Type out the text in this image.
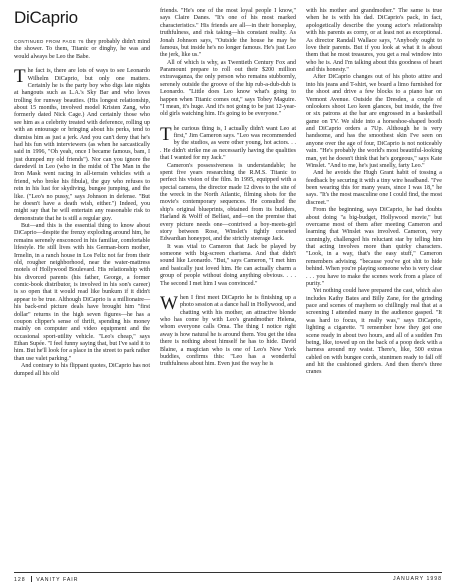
DiCaprio

CONTINUED FROM PAGE 76 they probably didn't mind the shower. To them, Titanic or dinghy, he was and would always be Leo the Babe.

The fact is, there are lots of ways to see Leonardo Wilhelm DiCaprio, but only one matters. Certainly he is the party boy who digs late nights at hangouts such as L.A.'s Sky Bar and who loves trolling for runway beauties. (His longest relationship, about 15 months, involved model Kristen Zang, who formerly dated Nick Cage.) And certainly those who see him as a celebrity treated with deference, rolling up with an entourage or bringing about his perks, tend to dismiss him as just a jerk. And you can't deny that he's had his fun with interviewers (as when he sarcastically said in 1996, "Oh yeah, once I became famous, bam, I just dumped my old friends"). Nor can you ignore the daredevil in Leo (who in the midst of The Man in the Iron Mask went racing in all-terrain vehicles with a friend, who broke his fibula), the guy who refuses to rein in his lust for skydiving, bungee jumping, and the like. ("Leo's no pussy," says Johnson in defense. "But he doesn't have a death wish, either.") Indeed, you might say that he will entertain any reasonable risk to demonstrate that he is still a regular guy.

But—and this is the essential thing to know about DiCaprio—despite the frenzy exploding around him, he remains serenely ensconced in his familiar, comfortable lifestyle. He still lives with his German-born mother, Irmelin, in a ranch house in Los Feliz not far from their old, rougher neighborhood, near the water-mattress motels of Hollywood Boulevard. His relationship with his divorced parents (his father, George, a former comic-book distributor, is involved in his son's career) is so open that it would read like bunkum if it didn't appear to be true. Although DiCaprio is a millionaire—his back-end picture deals have brought him "first dollar" returns in the high seven figures—he has a coupon clipper's sense of thrift, spending his money mainly on computer and video equipment and the occasional sport-utility vehicle. "Leo's cheap," says Ethan Supée. "I feel funny saying that, but I've said it to him. But he'll look for a place in the street to park rather than use valet parking."

And contrary to his flippant quotes, DiCaprio has not dumped all his old

friends. "He's one of the most loyal people I know," says Claire Danes. "It's one of his most marked characteristics." His friends are all—in their horseplay, truthfulness, and risk taking—his constant reality. As Jonah Johnson says, "Outside the house he may be famous, but inside he's no longer famous. He's just Leo the jerk, like us."

All of which is why, as Twentieth Century Fox and Paramount prepare to roll out their $200 million extravaganza, the only person who remains stubbornly, serenely outside the groove of the hip rub-a-dub-dub is Leonardo. "Little does Leo know what's going to happen when Titanic comes out," says Tobey Maguire. "I mean, it's huge. And it's not going to be just 12-year-old girls watching him. It's going to be everyone."

The curious thing is, I actually didn't want Leo at first," Jim Cameron says. "Leo was recommended by the studios, as were other young, hot actors. . . . He didn't strike me as necessarily having the qualities that I wanted for my Jack."

Cameron's possessiveness is understandable; he spent five years researching the R.M.S. Titanic to perfect his vision of the film. In 1995, equipped with a special camera, the director made 12 dives to the site of the wreck in the North Atlantic, filming shots for the movie's contemporary sequences. He consulted the ship's original blueprints, obtained from its builders, Harland & Wolff of Belfast, and—on the premise that every picture needs one—contrived a boy-meets-girl story between Rose, Winslet's tightly corseted Edwardian honeypot, and the strictly steerage Jack.

It was vital to Cameron that Jack be played by someone with big-screen charisma. And that didn't sound like Leonardo. "But," says Cameron, "I met him and basically just loved him. He can actually charm a group of people without doing anything obvious. . . . The second I met him I was convinced."

When I first meet DiCaprio he is finishing up a photo session at a dance hall in Hollywood, and chatting with his mother, an attractive blonde who has come by with Leo's grandmother Helena, whom everyone calls Oma. The thing I notice right away is how natural he is around them. You get the idea there is nothing about himself he has to hide. David Blaine, a magician who is one of Leo's New York buddies, confirms this: "Leo has a wonderful truthfulness about him. Even just the way he is

with his mother and grandmother." The same is true when he is with his dad. DiCaprio's pack, in fact, apologetically describe the young actor's relationship with his parents as corny, or at least not as exceptional. As director Randall Wallace says, "Anybody ought to love their parents. But if you look at what it is about them that he most treasures, you get a real window into who he is. And I'm talking about this goodness of heart and this honesty."

After DiCaprio changes out of his photo attire and into his jeans and T-shirt, we board a limo furnished for the shoot and drive a few blocks to a piano bar on Vermont Avenue. Outside the Dresden, a couple of onlookers shoot Leo keen glances, but inside, the five or six patrons at the bar are engrossed in a basketball game on TV. We slide into a horseshoe-shaped booth and DiCaprio orders a 7Up. Although he is very handsome, and has the smoothest skin I've seen on anyone over the age of four, DiCaprio is not noticeably vain. "He's probably the world's most beautiful-looking man, yet he doesn't think that he's gorgeous," says Kate Winslet. "And to me, he's just smelly, farty Leo."

And he avoids the Hugh Grant habit of tossing a feedback by securing it with a tiny wire headband. "I've been wearing this for many years, since I was 18," he says. "It's the most masculine one I could find, the most discreet."

From the beginning, says DiCaprio, he had doubts about doing "a big-budget, Hollywood movie," but overcame most of them after meeting Cameron and learning that Winslet was involved. Cameron, very cunningly, challenged his reluctant star by telling him that acting involves more than quirky characters. "Look, in a way, that's the easy stuff," Cameron remembers advising. "because you've got shit to hide behind. When you're playing someone who is very clear . . . you have to make the scenes work from a place of purity."

Yet nothing could have prepared the cast, which also includes Kathy Bates and Billy Zane, for the grinding pace and scenes of mayhem so chillingly real that at a screening I attended many in the audience gasped. "It was hard to focus, it really was," says DiCaprio, lighting a cigarette. "I remember how they got one scene ready in about two hours, and all of a sudden I'm being, like, towed up on the back of a poop deck with a harness around my waist. There's, like, 500 extras cabled on with bungee cords, stuntmen ready to fall off and hit the cushioned girders. And then there's three cranes

128 VANITY FAIR	JANUARY 1998
